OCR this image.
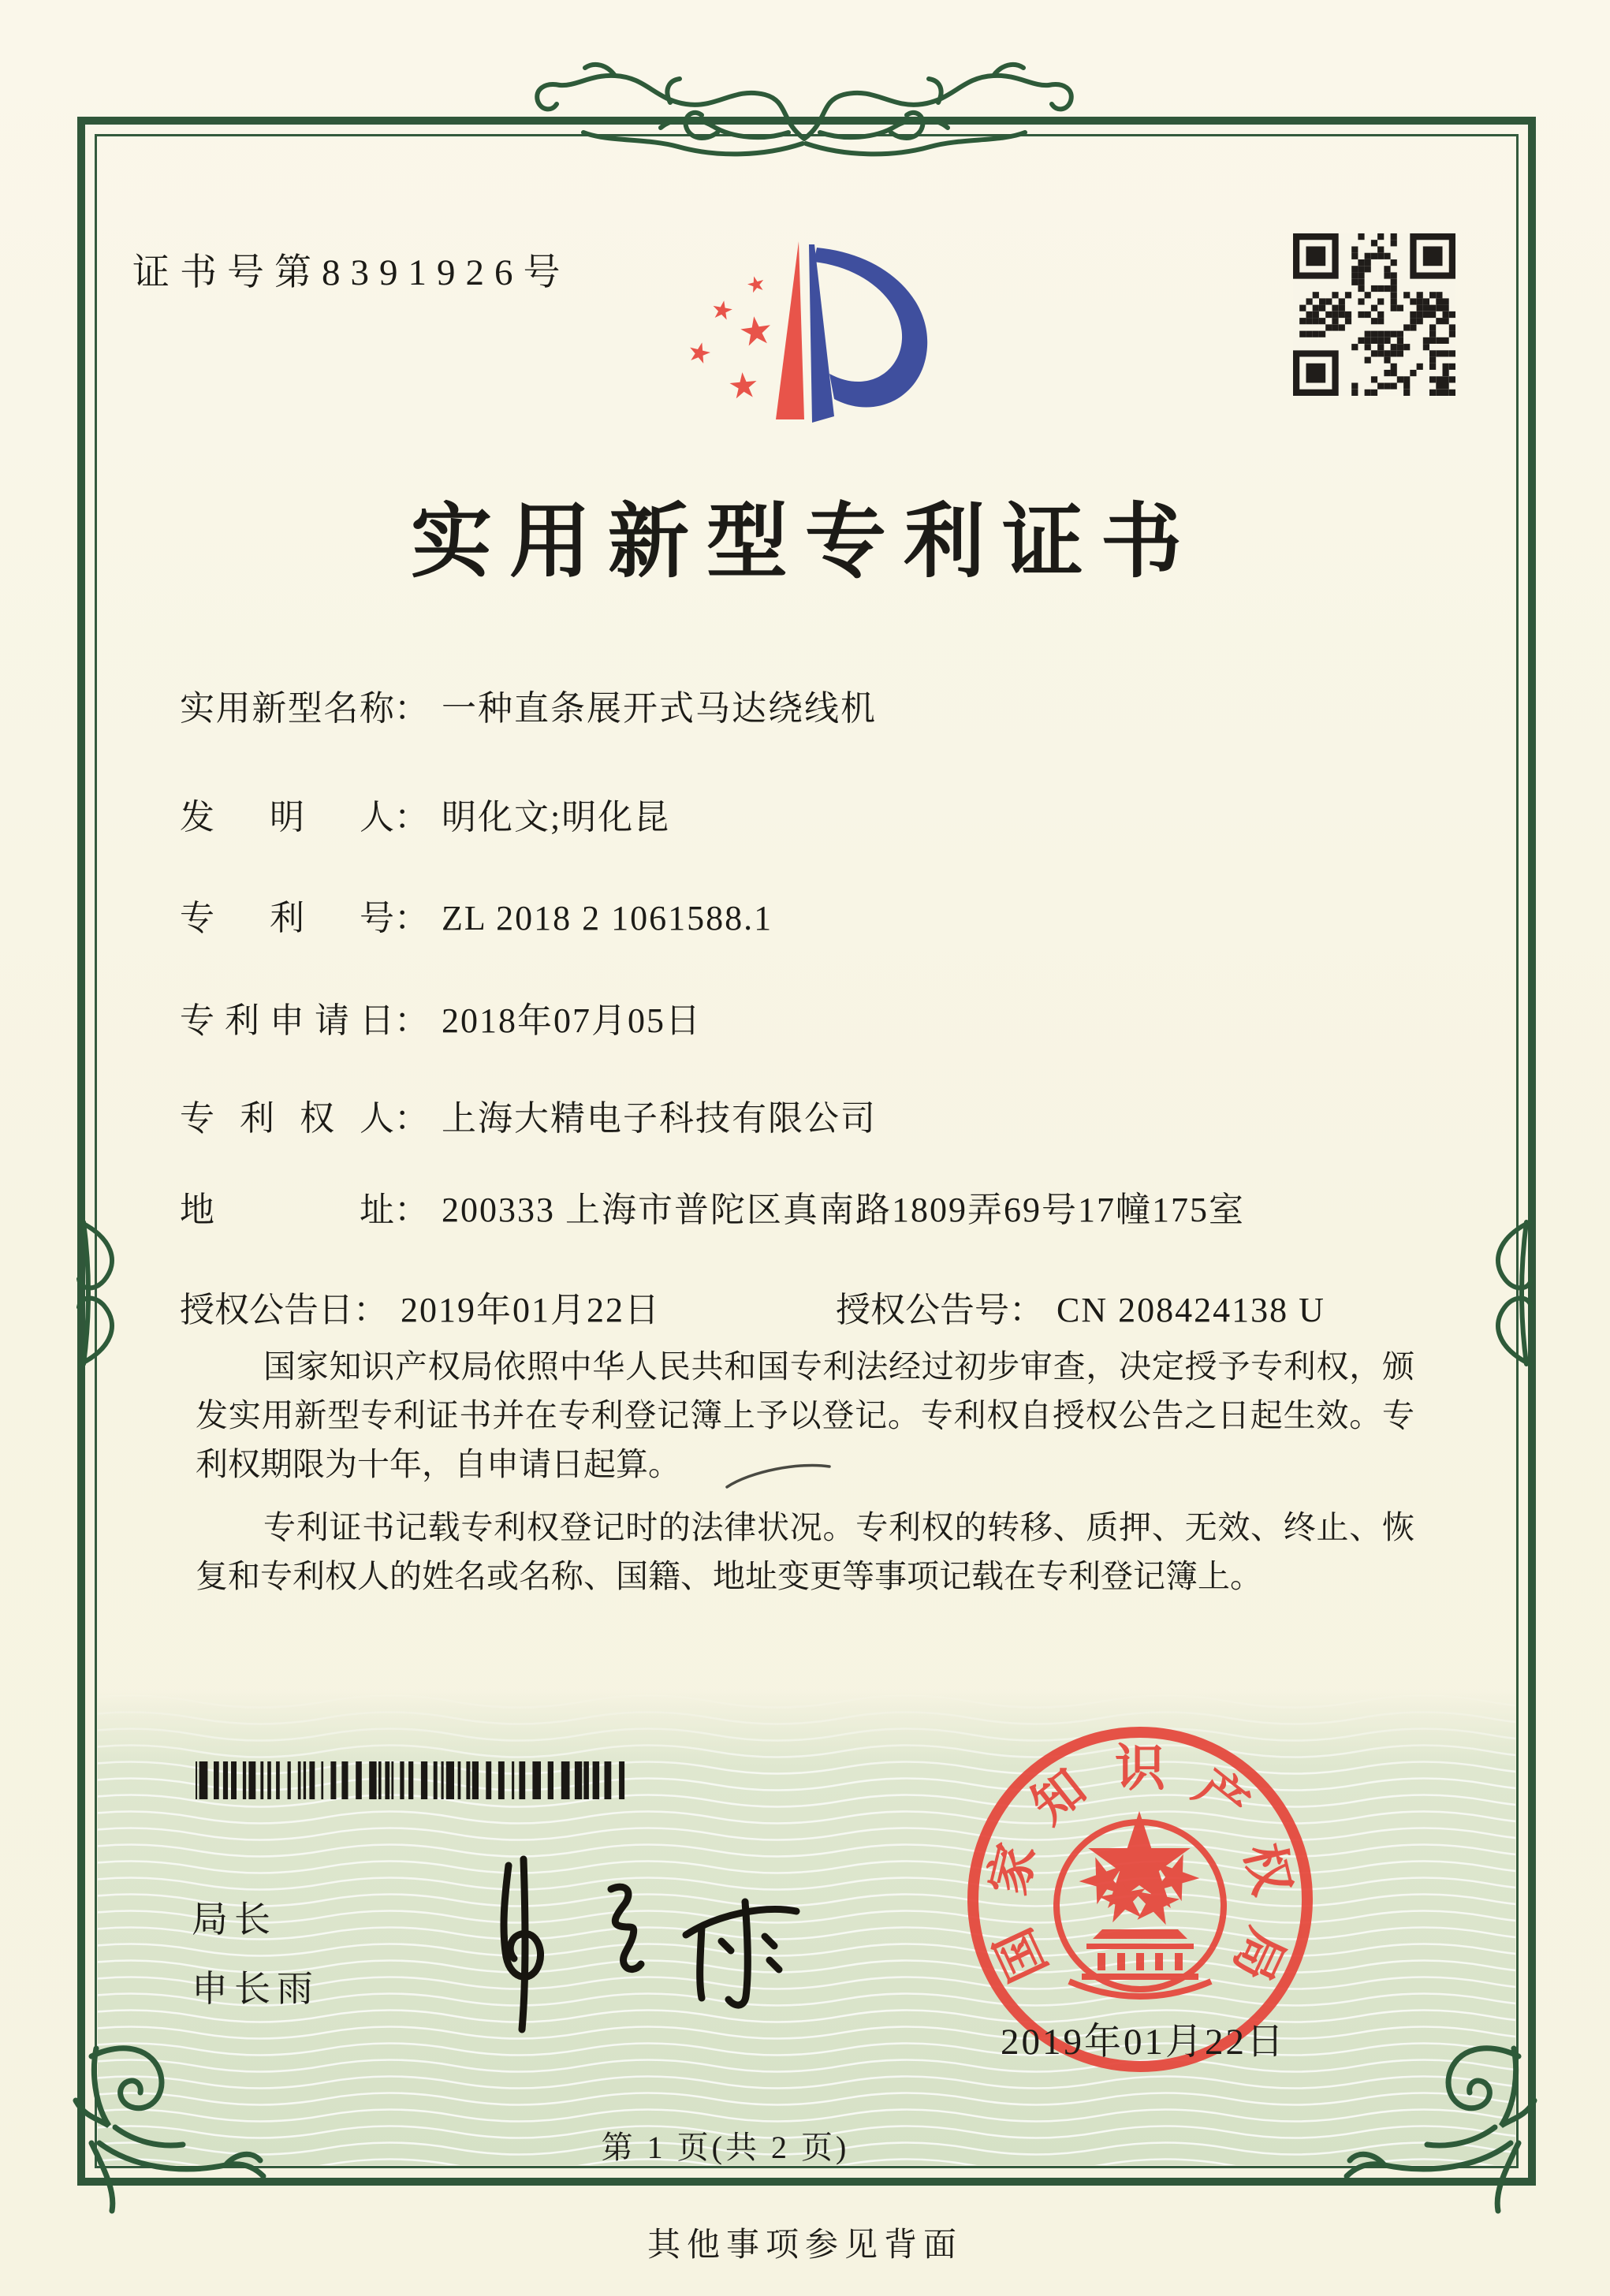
证书号第8391926号
实用新型专利证书
实用新型名称： 一种直条展开式马达绕线机
发明人： 明化文;明化昆
专利号： ZL 2018 2 1061588.1
专利申请日： 2018年07月05日
专利权人： 上海大精电子科技有限公司
地址： 200333 上海市普陀区真南路1809弄69号17幢175室
授权公告日： 2019年01月22日	授权公告号： CN 208424138 U

国家知识产权局依照中华人民共和国专利法经过初步审查，决定授予专利权，颁发实用新型专利证书并在专利登记簿上予以登记。专利权自授权公告之日起生效。专利权期限为十年，自申请日起算。

专利证书记载专利权登记时的法律状况。专利权的转移、质押、无效、终止、恢复和专利权人的姓名或名称、国籍、地址变更等事项记载在专利登记簿上。

局长
申长雨	国
家
知 识 产
权
局
2019年01月22日
第 1 页(共 2 页)
其他事项参见背面
